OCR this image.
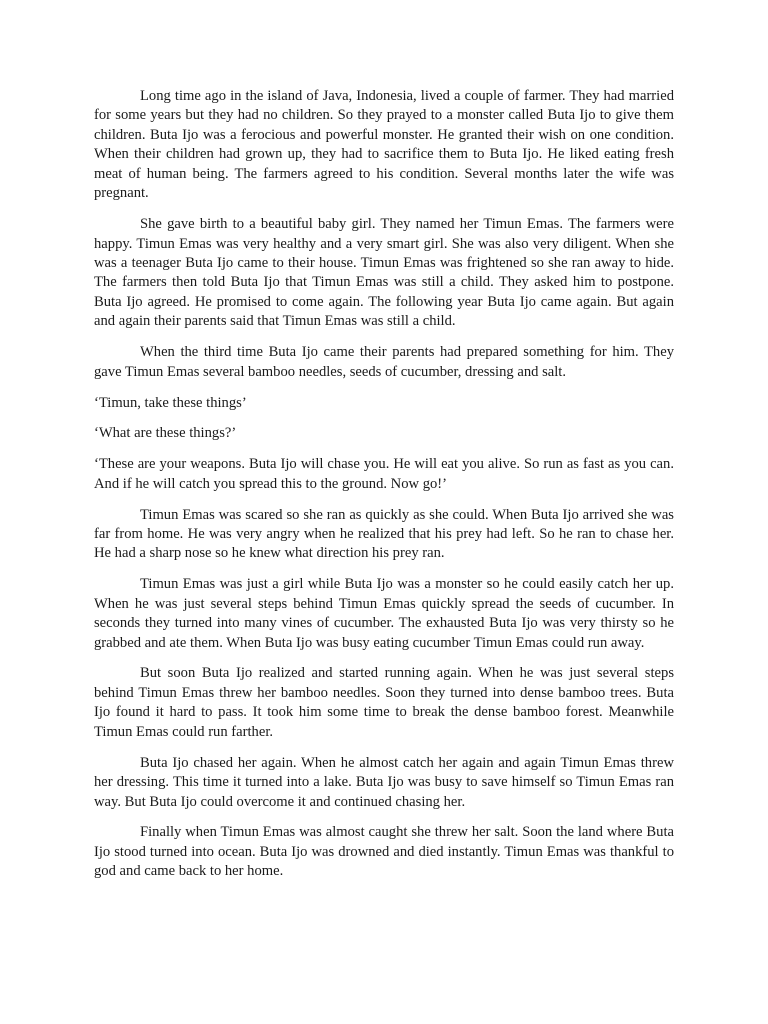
Long time ago in the island of Java, Indonesia, lived a couple of farmer. They had married for some years but they had no children. So they prayed to a monster called Buta Ijo to give them children. Buta Ijo was a ferocious and powerful monster. He granted their wish on one condition. When their children had grown up, they had to sacrifice them to Buta Ijo. He liked eating fresh meat of human being. The farmers agreed to his condition. Several months later the wife was pregnant.

She gave birth to a beautiful baby girl. They named her Timun Emas. The farmers were happy. Timun Emas was very healthy and a very smart girl. She was also very diligent. When she was a teenager Buta Ijo came to their house. Timun Emas was frightened so she ran away to hide. The farmers then told Buta Ijo that Timun Emas was still a child. They asked him to postpone. Buta Ijo agreed. He promised to come again. The following year Buta Ijo came again. But again and again their parents said that Timun Emas was still a child.

When the third time Buta Ijo came their parents had prepared something for him. They gave Timun Emas several bamboo needles, seeds of cucumber, dressing and salt.

‘Timun, take these things’

‘What are these things?’

‘These are your weapons. Buta Ijo will chase you. He will eat you alive. So run as fast as you can. And if he will catch you spread this to the ground. Now go!’

Timun Emas was scared so she ran as quickly as she could. When Buta Ijo arrived she was far from home. He was very angry when he realized that his prey had left. So he ran to chase her. He had a sharp nose so he knew what direction his prey ran.

Timun Emas was just a girl while Buta Ijo was a monster so he could easily catch her up. When he was just several steps behind Timun Emas quickly spread the seeds of cucumber. In seconds they turned into many vines of cucumber. The exhausted Buta Ijo was very thirsty so he grabbed and ate them. When Buta Ijo was busy eating cucumber Timun Emas could run away.

But soon Buta Ijo realized and started running again. When he was just several steps behind Timun Emas threw her bamboo needles. Soon they turned into dense bamboo trees. Buta Ijo found it hard to pass. It took him some time to break the dense bamboo forest. Meanwhile Timun Emas could run farther.

Buta Ijo chased her again. When he almost catch her again and again Timun Emas threw her dressing. This time it turned into a lake. Buta Ijo was busy to save himself so Timun Emas ran way. But Buta Ijo could overcome it and continued chasing her.

Finally when Timun Emas was almost caught she threw her salt. Soon the land where Buta Ijo stood turned into ocean. Buta Ijo was drowned and died instantly. Timun Emas was thankful to god and came back to her home.
